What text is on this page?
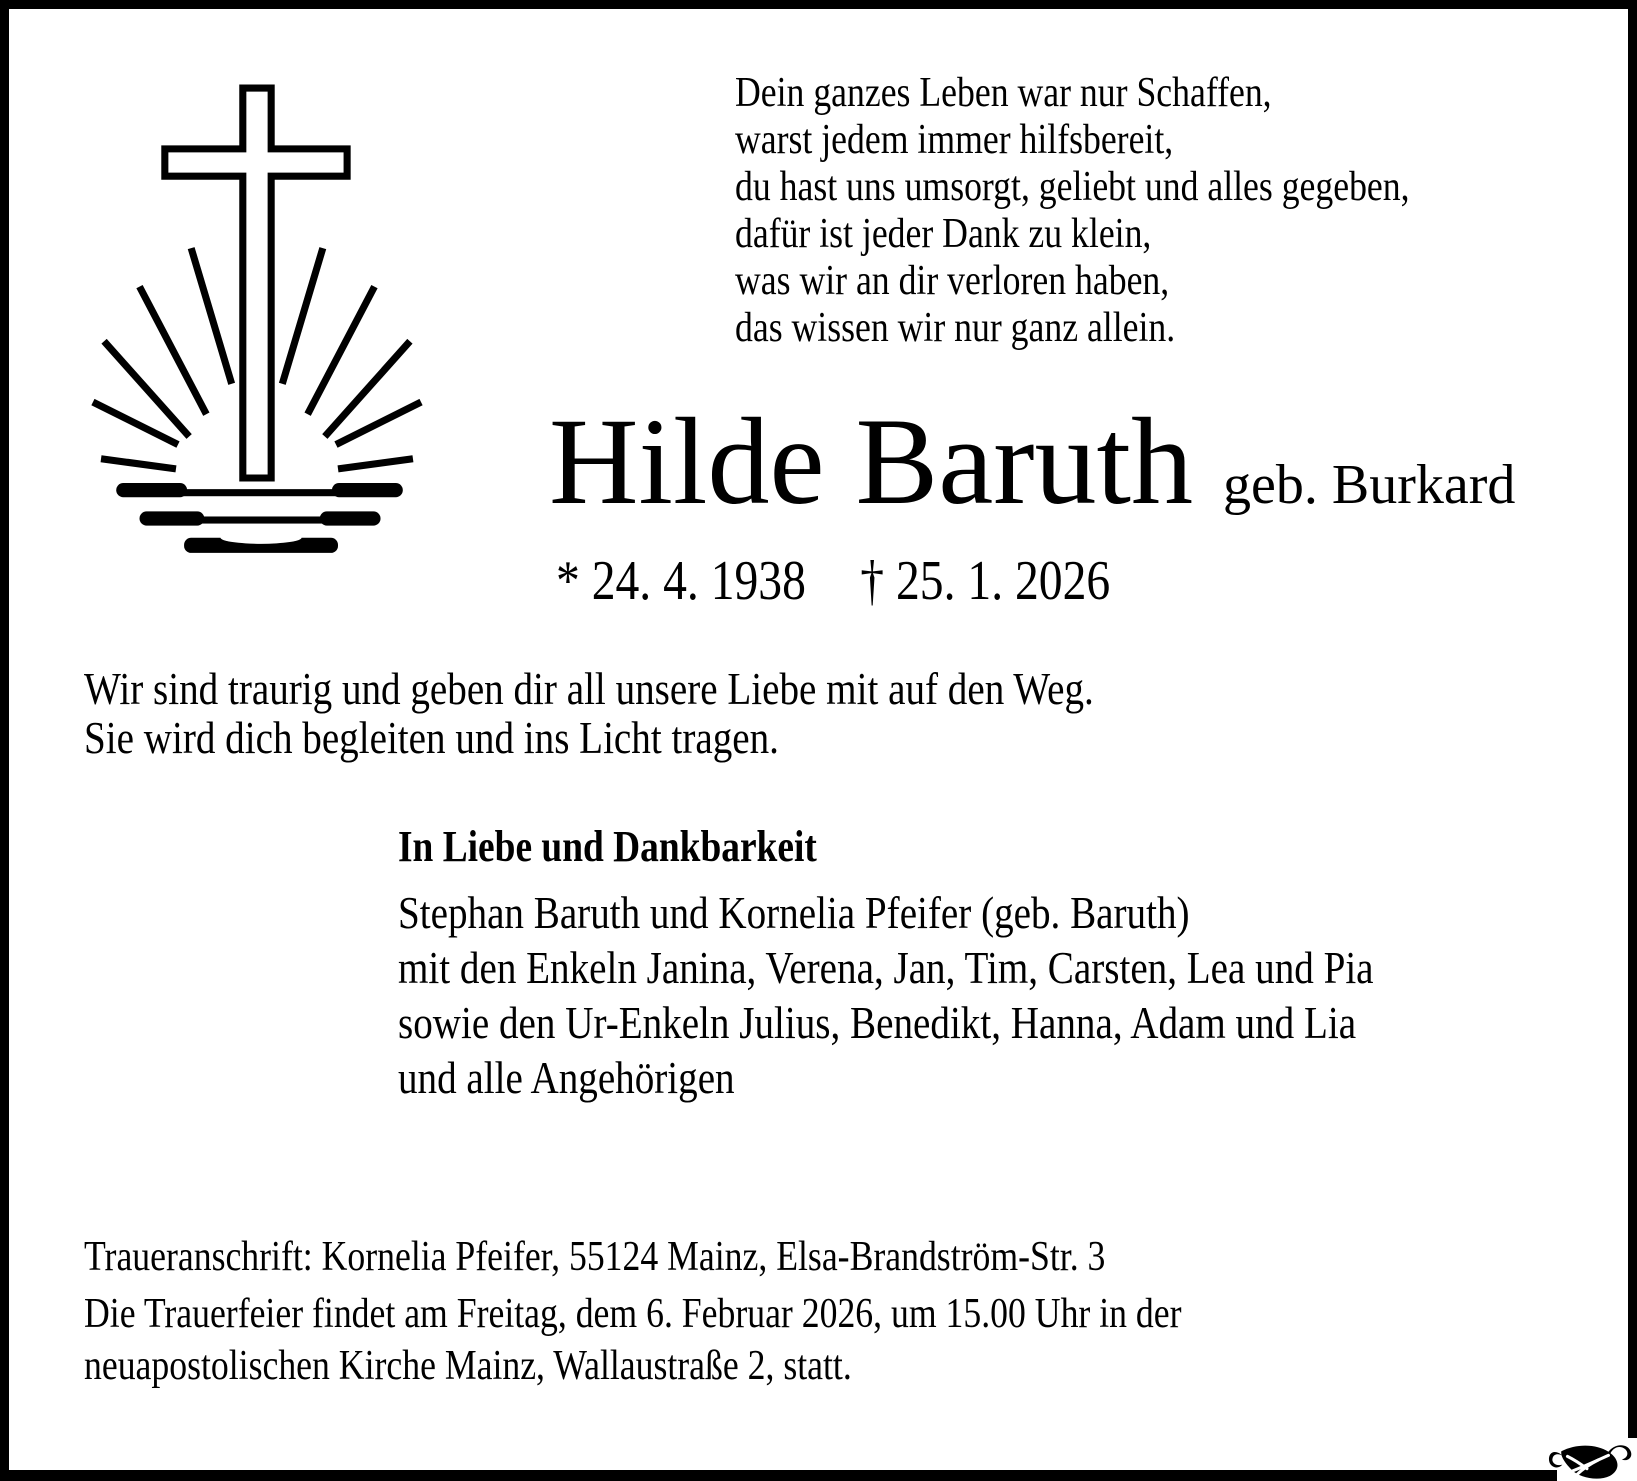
Dein ganzes Leben war nur Schaffen,
warst jedem immer hilfsbereit,
du hast uns umsorgt, geliebt und alles gegeben,
dafür ist jeder Dank zu klein,
was wir an dir verloren haben,
das wissen wir nur ganz allein.
Hilde Baruth geb. Burkard
* 24. 4. 1938 † 25. 1. 2026
Wir sind traurig und geben dir all unsere Liebe mit auf den Weg.
Sie wird dich begleiten und ins Licht tragen.
In Liebe und Dankbarkeit
Stephan Baruth und Kornelia Pfeifer (geb. Baruth)
mit den Enkeln Janina, Verena, Jan, Tim, Carsten, Lea und Pia
sowie den Ur-Enkeln Julius, Benedikt, Hanna, Adam und Lia
und alle Angehörigen
Traueranschrift: Kornelia Pfeifer, 55124 Mainz, Elsa-Brandström-Str. 3
Die Trauerfeier findet am Freitag, dem 6. Februar 2026, um 15.00 Uhr in der
neuapostolischen Kirche Mainz, Wallaustraße 2, statt.
